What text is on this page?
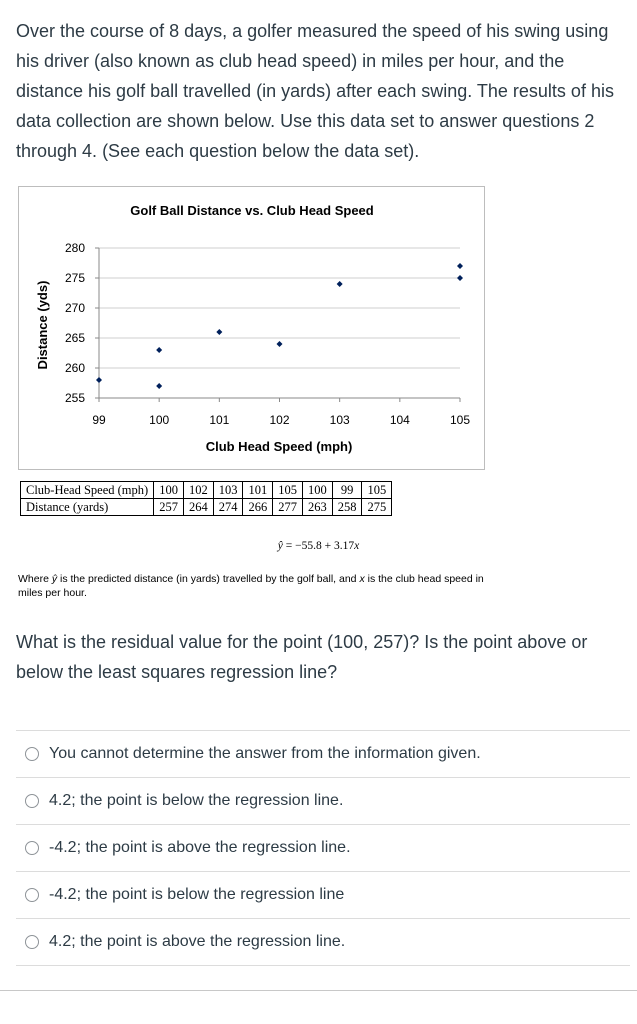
Over the course of 8 days, a golfer measured the speed of his swing using his driver (also known as club head speed) in miles per hour, and the distance his golf ball travelled (in yards) after each swing. The results of his data collection are shown below. Use this data set to answer questions 2 through 4. (See each question below the data set).
Golf Ball Distance vs. Club Head Speed
Distance (yds)
Club Head Speed (mph)
255
260
265
270
275
280
99	100	101	102	103	104	105
Club-Head Speed (mph)	100	102	103	101	105	100	99	105
Distance (yards)	257	264	274	266	277	263	258	275
ŷ = −55.8 + 3.17x
Where ŷ is the predicted distance (in yards) travelled by the golf ball, and x is the club head speed in miles per hour.
What is the residual value for the point (100, 257)? Is the point above or below the least squares regression line?
You cannot determine the answer from the information given.
4.2; the point is below the regression line.
-4.2; the point is above the regression line.
-4.2; the point is below the regression line
4.2; the point is above the regression line.
